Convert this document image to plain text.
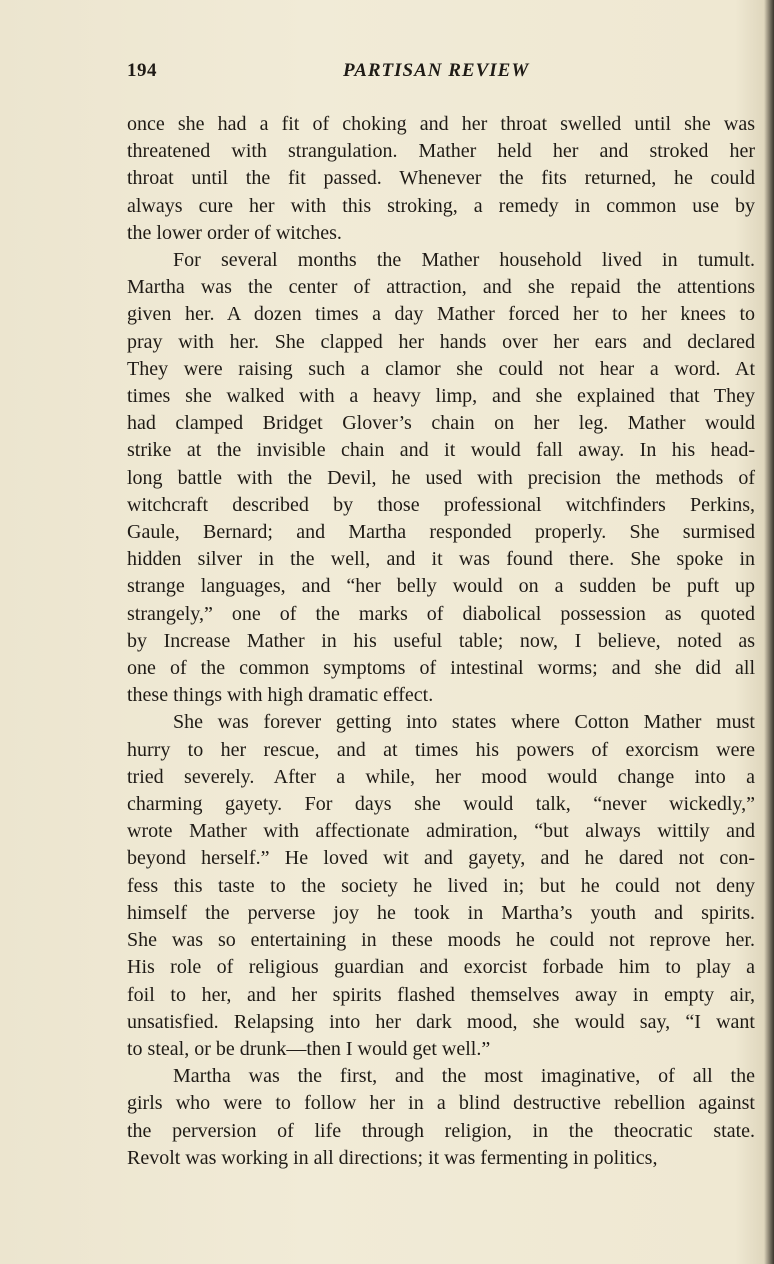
194	PARTISAN REVIEW
once she had a fit of choking and her throat swelled until she was
threatened with strangulation. Mather held her and stroked her
throat until the fit passed. Whenever the fits returned, he could
always cure her with this stroking, a remedy in common use by
the lower order of witches.
For several months the Mather household lived in tumult.
Martha was the center of attraction, and she repaid the attentions
given her. A dozen times a day Mather forced her to her knees to
pray with her. She clapped her hands over her ears and declared
They were raising such a clamor she could not hear a word. At
times she walked with a heavy limp, and she explained that They
had clamped Bridget Glover’s chain on her leg. Mather would
strike at the invisible chain and it would fall away. In his head-
long battle with the Devil, he used with precision the methods of
witchcraft described by those professional witchfinders Perkins,
Gaule, Bernard; and Martha responded properly. She surmised
hidden silver in the well, and it was found there. She spoke in
strange languages, and “her belly would on a sudden be puft up
strangely,” one of the marks of diabolical possession as quoted
by Increase Mather in his useful table; now, I believe, noted as
one of the common symptoms of intestinal worms; and she did all
these things with high dramatic effect.
She was forever getting into states where Cotton Mather must
hurry to her rescue, and at times his powers of exorcism were
tried severely. After a while, her mood would change into a
charming gayety. For days she would talk, “never wickedly,”
wrote Mather with affectionate admiration, “but always wittily and
beyond herself.” He loved wit and gayety, and he dared not con-
fess this taste to the society he lived in; but he could not deny
himself the perverse joy he took in Martha’s youth and spirits.
She was so entertaining in these moods he could not reprove her.
His role of religious guardian and exorcist forbade him to play a
foil to her, and her spirits flashed themselves away in empty air,
unsatisfied. Relapsing into her dark mood, she would say, “I want
to steal, or be drunk—then I would get well.”
Martha was the first, and the most imaginative, of all the
girls who were to follow her in a blind destructive rebellion against
the perversion of life through religion, in the theocratic state.
Revolt was working in all directions; it was fermenting in politics,
